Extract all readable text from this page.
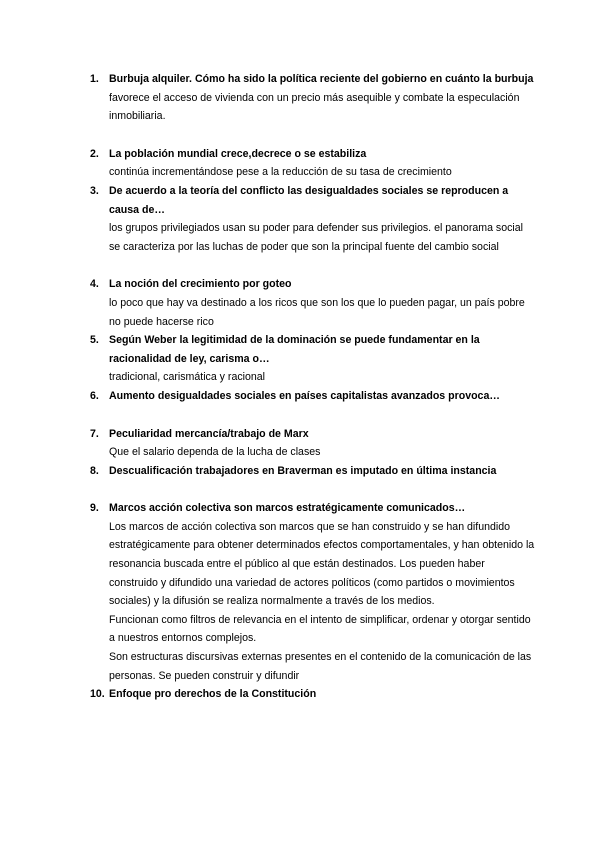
1. Burbuja alquiler. Cómo ha sido la política reciente del gobierno en cuánto la burbuja
favorece el acceso de vivienda con un precio más asequible y combate la especulación inmobiliaria.
2. La población mundial crece,decrece o se estabiliza
continúa incrementándose pese a la reducción de su tasa de crecimiento
3. De acuerdo a la teoría del conflicto las desigualdades sociales se reproducen a causa de…
los grupos privilegiados usan su poder para defender sus privilegios. el panorama social se caracteriza por las luchas de poder que son la principal fuente del cambio social
4. La noción del crecimiento por goteo
lo poco que hay va destinado a los ricos que son los que lo pueden pagar, un país pobre no puede hacerse rico
5. Según Weber la legitimidad de la dominación se puede fundamentar en la racionalidad de ley, carisma o…
tradicional, carismática y racional
6. Aumento desigualdades sociales en países capitalistas avanzados provoca…
7. Peculiaridad mercancía/trabajo de Marx
Que el salario dependa de la lucha de clases
8. Descualificación trabajadores en Braverman es imputado en última instancia
9. Marcos acción colectiva son marcos estratégicamente comunicados…
Los marcos de acción colectiva son marcos que se han construido y se han difundido estratégicamente para obtener determinados efectos comportamentales, y han obtenido la resonancia buscada entre el público al que están destinados. Los pueden haber construido y difundido una variedad de actores políticos (como partidos o movimientos sociales) y la difusión se realiza normalmente a través de los medios.
Funcionan como filtros de relevancia en el intento de simplificar, ordenar y otorgar sentido a nuestros entornos complejos.
Son estructuras discursivas externas presentes en el contenido de la comunicación de las personas. Se pueden construir y difundir
10. Enfoque pro derechos de la Constitución
